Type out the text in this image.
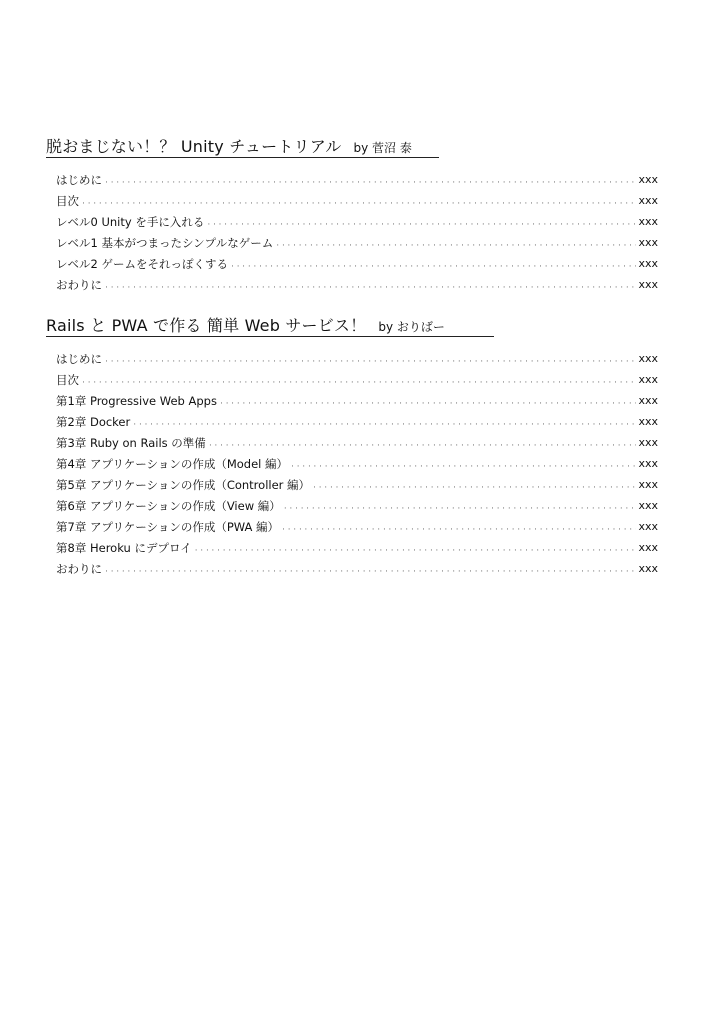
脱おまじない！？ Unity チュートリアル by 菅沼 泰
はじめに ・・・・・・・・・・・・・・・・・・・・・・・・・・・・・・・・・・・・・・・・・・・・・・・・・・・・・・・・・・・・・・・・・・・・・・・・・・・・・・・・・・・・・・・・・・・・・・・・・・・・・・・・・・・・・・・・	xxx
目次 ・・・・・・・・・・・・・・・・・・・・・・・・・・・・・・・・・・・・・・・・・・・・・・・・・・・・・・・・・・・・・・・・・・・・・・・・・・・・・・・・・・・・・・・・・・・・・・・・・・・・・・・・・・・・・・・・	xxx
レベル0 Unity を手に入れる ・・・・・・・・・・・・・・・・・・・・・・・・・・・・・・・・・・・・・・・・・・・・・・・・・・・・・・・・・・・・・・・・・・・・・・・・・・・・・・・・・・・・・・・・・・・・・・・・・・・・・・・・・・・・・・・・	xxx
レベル1 基本がつまったシンプルなゲーム ・・・・・・・・・・・・・・・・・・・・・・・・・・・・・・・・・・・・・・・・・・・・・・・・・・・・・・・・・・・・・・・・・・・・・・・・・・・・・・・・・・・・・・・・・・・・・・・・・・・・・・・・・・・・・・・・	xxx
レベル2 ゲームをそれっぽくする ・・・・・・・・・・・・・・・・・・・・・・・・・・・・・・・・・・・・・・・・・・・・・・・・・・・・・・・・・・・・・・・・・・・・・・・・・・・・・・・・・・・・・・・・・・・・・・・・・・・・・・・・・・・・・・・・	xxx
おわりに ・・・・・・・・・・・・・・・・・・・・・・・・・・・・・・・・・・・・・・・・・・・・・・・・・・・・・・・・・・・・・・・・・・・・・・・・・・・・・・・・・・・・・・・・・・・・・・・・・・・・・・・・・・・・・・・・	xxx
Rails と PWA で作る 簡単 Web サービス！ by おりばー
はじめに ・・・・・・・・・・・・・・・・・・・・・・・・・・・・・・・・・・・・・・・・・・・・・・・・・・・・・・・・・・・・・・・・・・・・・・・・・・・・・・・・・・・・・・・・・・・・・・・・・・・・・・・・・・・・・・・・	xxx
目次 ・・・・・・・・・・・・・・・・・・・・・・・・・・・・・・・・・・・・・・・・・・・・・・・・・・・・・・・・・・・・・・・・・・・・・・・・・・・・・・・・・・・・・・・・・・・・・・・・・・・・・・・・・・・・・・・・	xxx
第1章 Progressive Web Apps ・・・・・・・・・・・・・・・・・・・・・・・・・・・・・・・・・・・・・・・・・・・・・・・・・・・・・・・・・・・・・・・・・・・・・・・・・・・・・・・・・・・・・・・・・・・・・・・・・・・・・・・・・・・・・・・・	xxx
第2章 Docker ・・・・・・・・・・・・・・・・・・・・・・・・・・・・・・・・・・・・・・・・・・・・・・・・・・・・・・・・・・・・・・・・・・・・・・・・・・・・・・・・・・・・・・・・・・・・・・・・・・・・・・・・・・・・・・・・	xxx
第3章 Ruby on Rails の準備 ・・・・・・・・・・・・・・・・・・・・・・・・・・・・・・・・・・・・・・・・・・・・・・・・・・・・・・・・・・・・・・・・・・・・・・・・・・・・・・・・・・・・・・・・・・・・・・・・・・・・・・・・・・・・・・・・	xxx
第4章 アプリケーションの作成（Model 編） ・・・・・・・・・・・・・・・・・・・・・・・・・・・・・・・・・・・・・・・・・・・・・・・・・・・・・・・・・・・・・・・・・・・・・・・・・・・・・・・・・・・・・・・・・・・・・・・・・・・・・・・・・・・・・・・・	xxx
第5章 アプリケーションの作成（Controller 編） ・・・・・・・・・・・・・・・・・・・・・・・・・・・・・・・・・・・・・・・・・・・・・・・・・・・・・・・・・・・・・・・・・・・・・・・・・・・・・・・・・・・・・・・・・・・・・・・・・・・・・・・・・・・・・・・・	xxx
第6章 アプリケーションの作成（View 編） ・・・・・・・・・・・・・・・・・・・・・・・・・・・・・・・・・・・・・・・・・・・・・・・・・・・・・・・・・・・・・・・・・・・・・・・・・・・・・・・・・・・・・・・・・・・・・・・・・・・・・・・・・・・・・・・・	xxx
第7章 アプリケーションの作成（PWA 編） ・・・・・・・・・・・・・・・・・・・・・・・・・・・・・・・・・・・・・・・・・・・・・・・・・・・・・・・・・・・・・・・・・・・・・・・・・・・・・・・・・・・・・・・・・・・・・・・・・・・・・・・・・・・・・・・・	xxx
第8章 Heroku にデプロイ ・・・・・・・・・・・・・・・・・・・・・・・・・・・・・・・・・・・・・・・・・・・・・・・・・・・・・・・・・・・・・・・・・・・・・・・・・・・・・・・・・・・・・・・・・・・・・・・・・・・・・・・・・・・・・・・・	xxx
おわりに ・・・・・・・・・・・・・・・・・・・・・・・・・・・・・・・・・・・・・・・・・・・・・・・・・・・・・・・・・・・・・・・・・・・・・・・・・・・・・・・・・・・・・・・・・・・・・・・・・・・・・・・・・・・・・・・・	xxx
